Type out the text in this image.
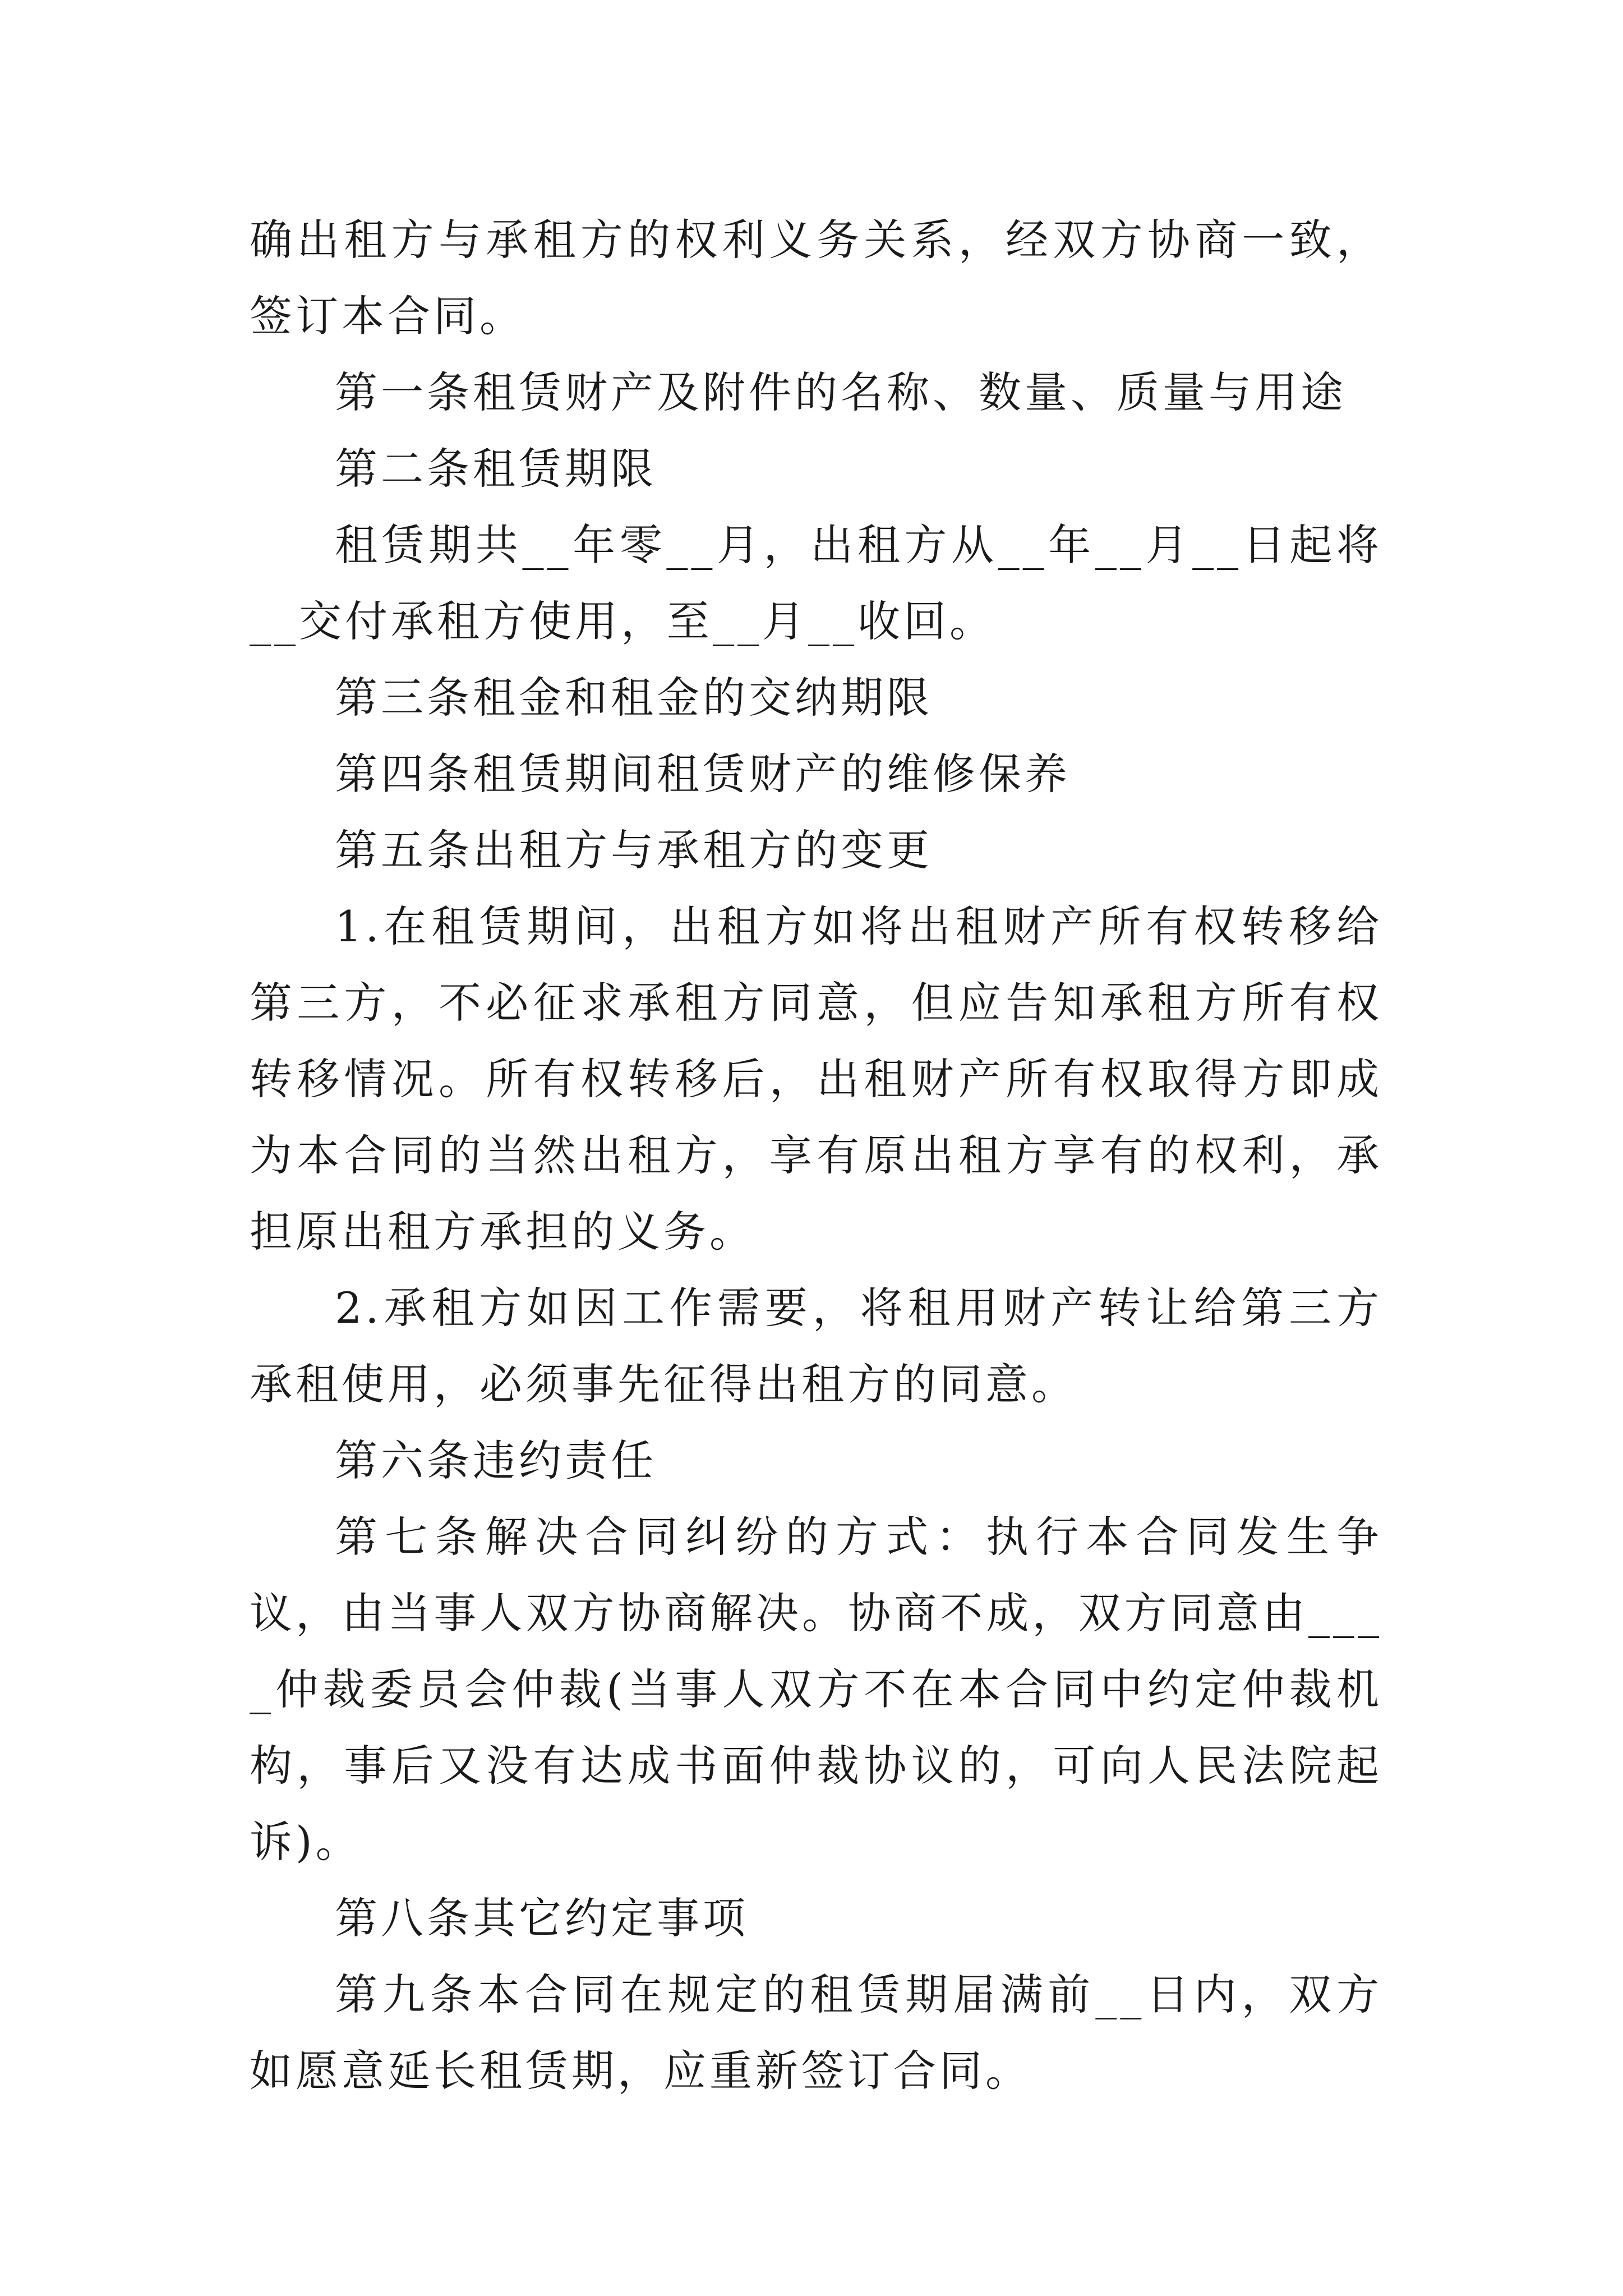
确出租方与承租方的权利义务关系，经双方协商一致，签订本合同。

第一条租赁财产及附件的名称、数量、质量与用途

第二条租赁期限

租赁期共__年零__月，出租方从__年__月__日起将__交付承租方使用，至__月__收回。

第三条租金和租金的交纳期限

第四条租赁期间租赁财产的维修保养

第五条出租方与承租方的变更

1.在租赁期间，出租方如将出租财产所有权转移给第三方，不必征求承租方同意，但应告知承租方所有权转移情况。所有权转移后，出租财产所有权取得方即成为本合同的当然出租方，享有原出租方享有的权利，承担原出租方承担的义务。

2.承租方如因工作需要，将租用财产转让给第三方承租使用，必须事先征得出租方的同意。

第六条违约责任

第七条解决合同纠纷的方式：执行本合同发生争议，由当事人双方协商解决。协商不成，双方同意由____仲裁委员会仲裁(当事人双方不在本合同中约定仲裁机构，事后又没有达成书面仲裁协议的，可向人民法院起诉)。

第八条其它约定事项

第九条本合同在规定的租赁期届满前__日内，双方如愿意延长租赁期，应重新签订合同。
